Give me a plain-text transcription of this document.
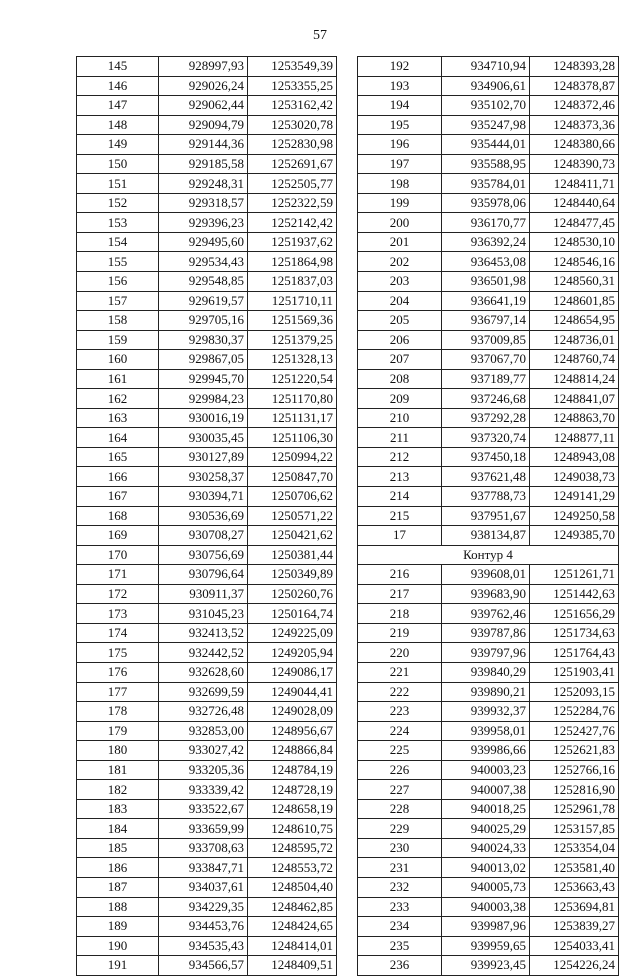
57
145	928997,93	1253549,39
146	929026,24	1253355,25
147	929062,44	1253162,42
148	929094,79	1253020,78
149	929144,36	1252830,98
150	929185,58	1252691,67
151	929248,31	1252505,77
152	929318,57	1252322,59
153	929396,23	1252142,42
154	929495,60	1251937,62
155	929534,43	1251864,98
156	929548,85	1251837,03
157	929619,57	1251710,11
158	929705,16	1251569,36
159	929830,37	1251379,25
160	929867,05	1251328,13
161	929945,70	1251220,54
162	929984,23	1251170,80
163	930016,19	1251131,17
164	930035,45	1251106,30
165	930127,89	1250994,22
166	930258,37	1250847,70
167	930394,71	1250706,62
168	930536,69	1250571,22
169	930708,27	1250421,62
170	930756,69	1250381,44
171	930796,64	1250349,89
172	930911,37	1250260,76
173	931045,23	1250164,74
174	932413,52	1249225,09
175	932442,52	1249205,94
176	932628,60	1249086,17
177	932699,59	1249044,41
178	932726,48	1249028,09
179	932853,00	1248956,67
180	933027,42	1248866,84
181	933205,36	1248784,19
182	933339,42	1248728,19
183	933522,67	1248658,19
184	933659,99	1248610,75
185	933708,63	1248595,72
186	933847,71	1248553,72
187	934037,61	1248504,40
188	934229,35	1248462,85
189	934453,76	1248424,65
190	934535,43	1248414,01
191	934566,57	1248409,51
192	934710,94	1248393,28
193	934906,61	1248378,87
194	935102,70	1248372,46
195	935247,98	1248373,36
196	935444,01	1248380,66
197	935588,95	1248390,73
198	935784,01	1248411,71
199	935978,06	1248440,64
200	936170,77	1248477,45
201	936392,24	1248530,10
202	936453,08	1248546,16
203	936501,98	1248560,31
204	936641,19	1248601,85
205	936797,14	1248654,95
206	937009,85	1248736,01
207	937067,70	1248760,74
208	937189,77	1248814,24
209	937246,68	1248841,07
210	937292,28	1248863,70
211	937320,74	1248877,11
212	937450,18	1248943,08
213	937621,48	1249038,73
214	937788,73	1249141,29
215	937951,67	1249250,58
17	938134,87	1249385,70
Контур 4		
216	939608,01	1251261,71
217	939683,90	1251442,63
218	939762,46	1251656,29
219	939787,86	1251734,63
220	939797,96	1251764,43
221	939840,29	1251903,41
222	939890,21	1252093,15
223	939932,37	1252284,76
224	939958,01	1252427,76
225	939986,66	1252621,83
226	940003,23	1252766,16
227	940007,38	1252816,90
228	940018,25	1252961,78
229	940025,29	1253157,85
230	940024,33	1253354,04
231	940013,02	1253581,40
232	940005,73	1253663,43
233	940003,38	1253694,81
234	939987,96	1253839,27
235	939959,65	1254033,41
236	939923,45	1254226,24
